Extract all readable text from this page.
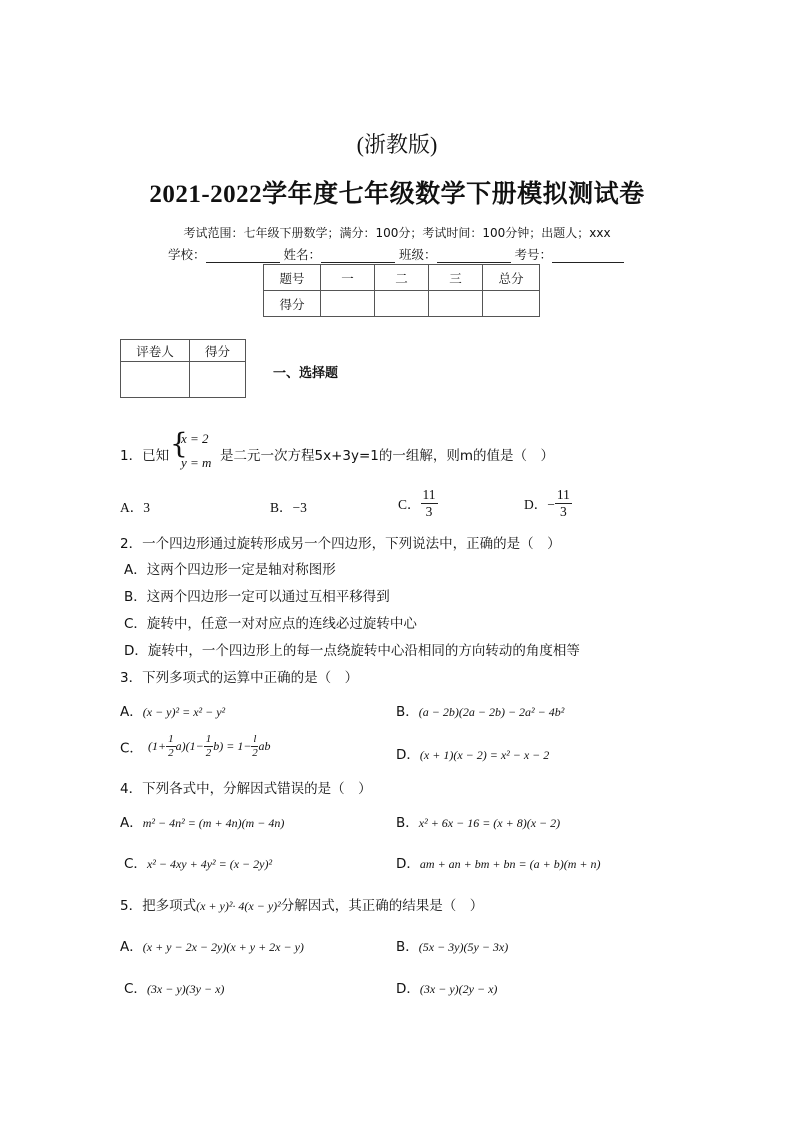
(浙教版)
2021-2022学年度七年级数学下册模拟测试卷
考试范围：七年级下册数学；满分：100分；考试时间：100分钟；出题人；xxx
学校：	姓名：	班级：	考号：
题号	一	二	三	总分
得分				
评卷人	得分

一、选择题
1．已知 {
x = 2
y = m 是二元一次方程5x+3y=1的一组解，则m的值是（　）
A．3	B．−3	C． $\frac{11}{3}$	D．− $\frac{11}{3}$
2．一个四边形通过旋转形成另一个四边形，下列说法中，正确的是（　）
A．这两个四边形一定是轴对称图形
B．这两个四边形一定可以通过互相平移得到
C．旋转中，任意一对对应点的连线必过旋转中心
D．旋转中，一个四边形上的每一点绕旋转中心沿相同的方向转动的角度相等
3．下列多项式的运算中正确的是（　）
A．(x − y)² = x² − y²	B．(a − 2b)(2a − 2b) − 2a² − 4b²
C． $(1+ \frac{1}{2} a)(1- \frac{1}{2} b) = 1- \frac{l}{2}$ ab
D．(x + 1)(x − 2) = x² − x − 2
4．下列各式中，分解因式错误的是（　）
A．m² − 4n² = (m + 4n)(m − 4n)	B．x² + 6x − 16 = (x + 8)(x − 2)
C．x² − 4xy + 4y² = (x − 2y)²	D．am + an + bm + bn = (a + b)(m + n)
5．把多项式(x + y)²· 4(x − y)²分解因式，其正确的结果是（　）
A．(x + y − 2x − 2y)(x + y + 2x − y)	B．(5x − 3y)(5y − 3x)
C．(3x − y)(3y − x)	D．(3x − y)(2y − x)
